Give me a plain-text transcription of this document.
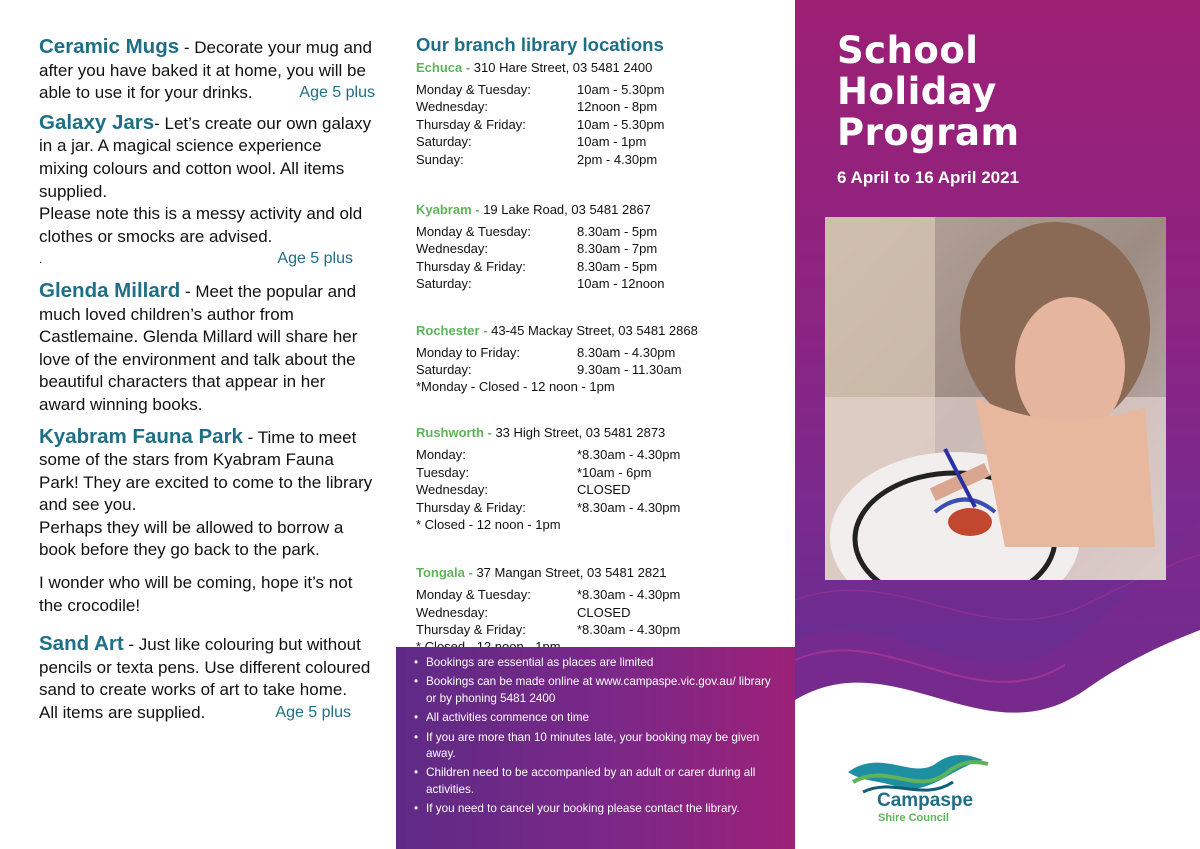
Ceramic Mugs - Decorate your mug and after you have baked it at home, you will be able to use it for your drinks.	Age 5 plus
Galaxy Jars- Let’s create our own galaxy in a jar. A magical science experience mixing colours and cotton wool. All items supplied.
Please note this is a messy activity and old clothes or smocks are advised.
.	Age 5 plus
Glenda Millard - Meet the popular and much loved children’s author from Castlemaine. Glenda Millard will share her love of the environment and talk about the beautiful characters that appear in her award winning books.
Kyabram Fauna Park - Time to meet some of the stars from Kyabram Fauna Park! They are excited to come to the library and see you.
Perhaps they will be allowed to borrow a book before they go back to the park.
I wonder who will be coming, hope it’s not the crocodile!
Sand Art - Just like colouring but without pencils or texta pens. Use different coloured sand to create works of art to take home.
All items are supplied.	Age 5 plus
Our branch library locations
Echuca - 310 Hare Street, 03 5481 2400
Monday & Tuesday:	10am - 5.30pm
Wednesday:	12noon - 8pm
Thursday & Friday:	10am - 5.30pm
Saturday:	10am - 1pm
Sunday:	2pm - 4.30pm
Kyabram - 19 Lake Road, 03 5481 2867
Monday & Tuesday:	8.30am - 5pm
Wednesday:	8.30am - 7pm
Thursday & Friday:	8.30am - 5pm
Saturday:	10am - 12noon
Rochester - 43-45 Mackay Street, 03 5481 2868
Monday to Friday:	8.30am - 4.30pm
Saturday:	9.30am - 11.30am
*Monday - Closed - 12 noon - 1pm
Rushworth - 33 High Street, 03 5481 2873
Monday:	*8.30am - 4.30pm
Tuesday:	*10am - 6pm
Wednesday:	CLOSED
Thursday & Friday:	*8.30am - 4.30pm
* Closed - 12 noon - 1pm
Tongala - 37 Mangan Street, 03 5481 2821
Monday & Tuesday:	*8.30am - 4.30pm
Wednesday:	CLOSED
Thursday & Friday:	*8.30am - 4.30pm
• Bookings are essential as places are limited
• Bookings can be made online at www.campaspe.vic.gov.au/ library or by phoning 5481 2400
• All activities commence on time
• If you are more than 10 minutes late, your booking may be given away.
• Children need to be accompanied by an adult or carer during all activities.
• If you need to cancel your booking please contact the library.
School
Holiday
Program
6 April to 16 April 2021
Campaspe
Shire Council
